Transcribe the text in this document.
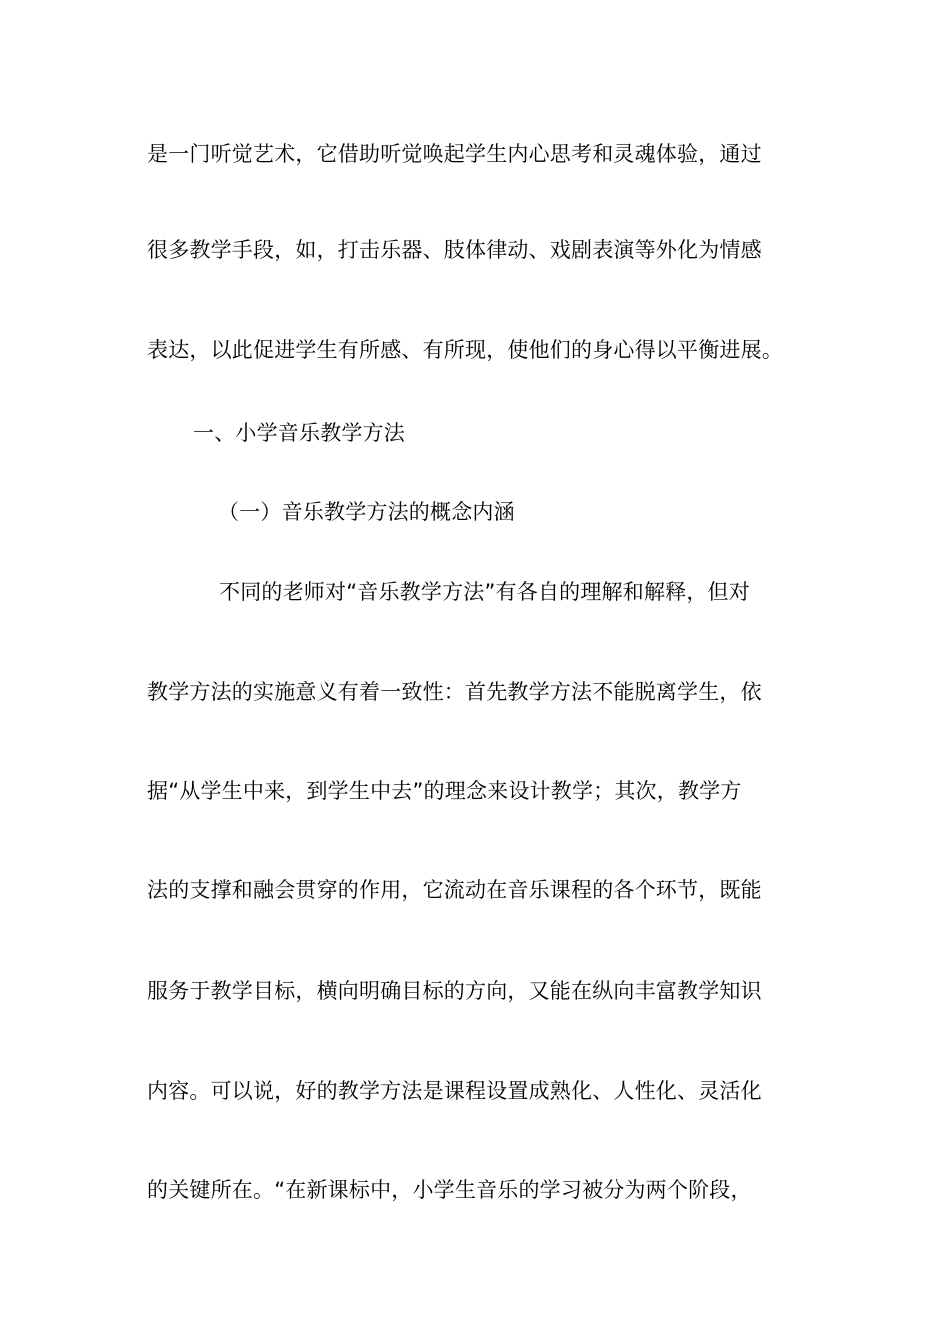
是一门听觉艺术，它借助听觉唤起学生内心思考和灵魂体验，通过
很多教学手段，如，打击乐器、肢体律动、戏剧表演等外化为情感
表达，以此促进学生有所感、有所现，使他们的身心得以平衡进展。
一、小学音乐教学方法
（一）音乐教学方法的概念内涵
不同的老师对“音乐教学方法”有各自的理解和解释，但对
教学方法的实施意义有着一致性：首先教学方法不能脱离学生，依
据“从学生中来，到学生中去”的理念来设计教学；其次，教学方
法的支撑和融会贯穿的作用，它流动在音乐课程的各个环节，既能
服务于教学目标，横向明确目标的方向，又能在纵向丰富教学知识
内容。可以说，好的教学方法是课程设置成熟化、人性化、灵活化
的关键所在。“在新课标中，小学生音乐的学习被分为两个阶段，
